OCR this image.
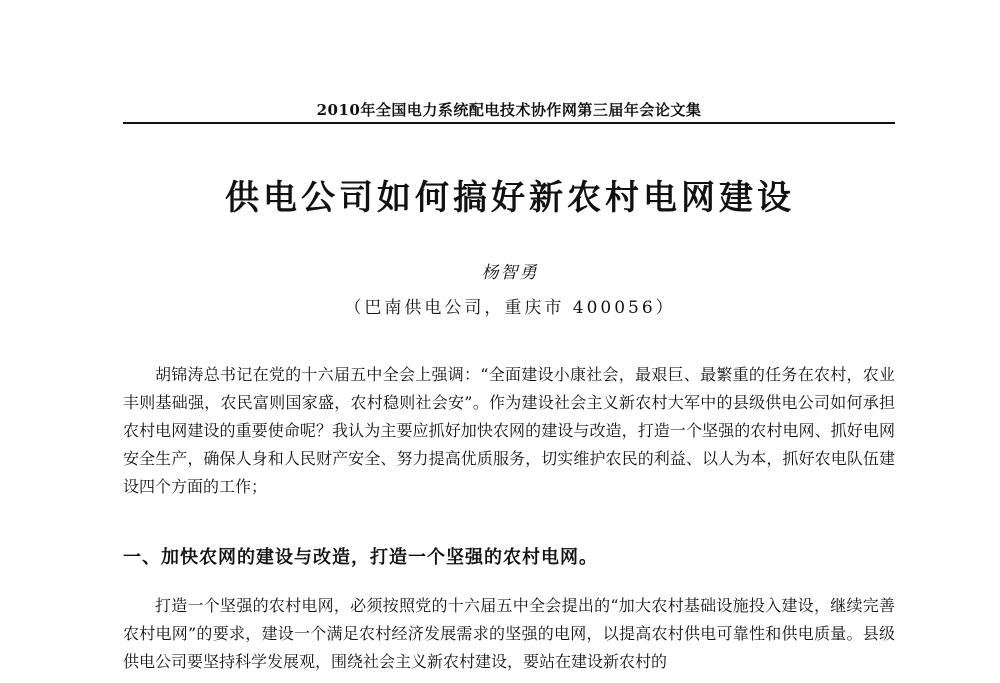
2010年全国电力系统配电技术协作网第三届年会论文集
供电公司如何搞好新农村电网建设
杨智勇
（巴南供电公司，重庆市 400056）

胡锦涛总书记在党的十六届五中全会上强调：“全面建设小康社会，最艰巨、最繁重的任务在农村，农业丰则基础强，农民富则国家盛，农村稳则社会安”。作为建设社会主义新农村大军中的县级供电公司如何承担农村电网建设的重要使命呢？我认为主要应抓好加快农网的建设与改造，打造一个坚强的农村电网、抓好电网安全生产，确保人身和人民财产安全、努力提高优质服务，切实维护农民的利益、以人为本，抓好农电队伍建设四个方面的工作；

一、加快农网的建设与改造，打造一个坚强的农村电网。

打造一个坚强的农村电网，必须按照党的十六届五中全会提出的“加大农村基础设施投入建设，继续完善农村电网”的要求，建设一个满足农村经济发展需求的坚强的电网，以提高农村供电可靠性和供电质量。县级供电公司要坚持科学发展观，围绕社会主义新农村建设，要站在建设新农村的
